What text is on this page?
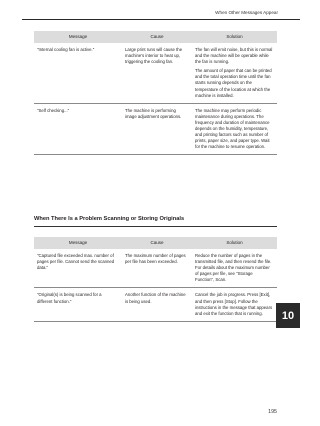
When Other Messages Appear
Message	Cause	Solution
"Internal cooling fan is active."	Large print runs will cause the machine's interior to heat up, triggering the cooling fan.	The fan will emit noise, but this is normal and the machine will be operable while the fan is running.

The amount of paper that can be printed and the total operation time until the fan starts running depends on the temperature of the location at which the machine is installed.

"Self checking..."	The machine is performing image adjustment operations.	The machine may perform periodic maintenance during operations. The frequency and duration of maintenance depends on the humidity, temperature, and printing factors such as number of prints, paper size, and paper type. Wait for the machine to resume operation.

When There Is a Problem Scanning or Storing Originals
Message	Cause	Solution
"Captured file exceeded max. number of pages per file. Cannot send the scanned data."	The maximum number of pages per file has been exceeded.	Reduce the number of pages in the transmitted file, and then resend the file. For details about the maximum number of pages per file, see "Storage Function", Scan.

"Original(s) is being scanned for a different function."	Another function of the machine is being used.	Cancel the job in progress. Press [Exit], and then press [Stop]. Follow the instructions in the message that appears and exit the function that is running.	10
195
